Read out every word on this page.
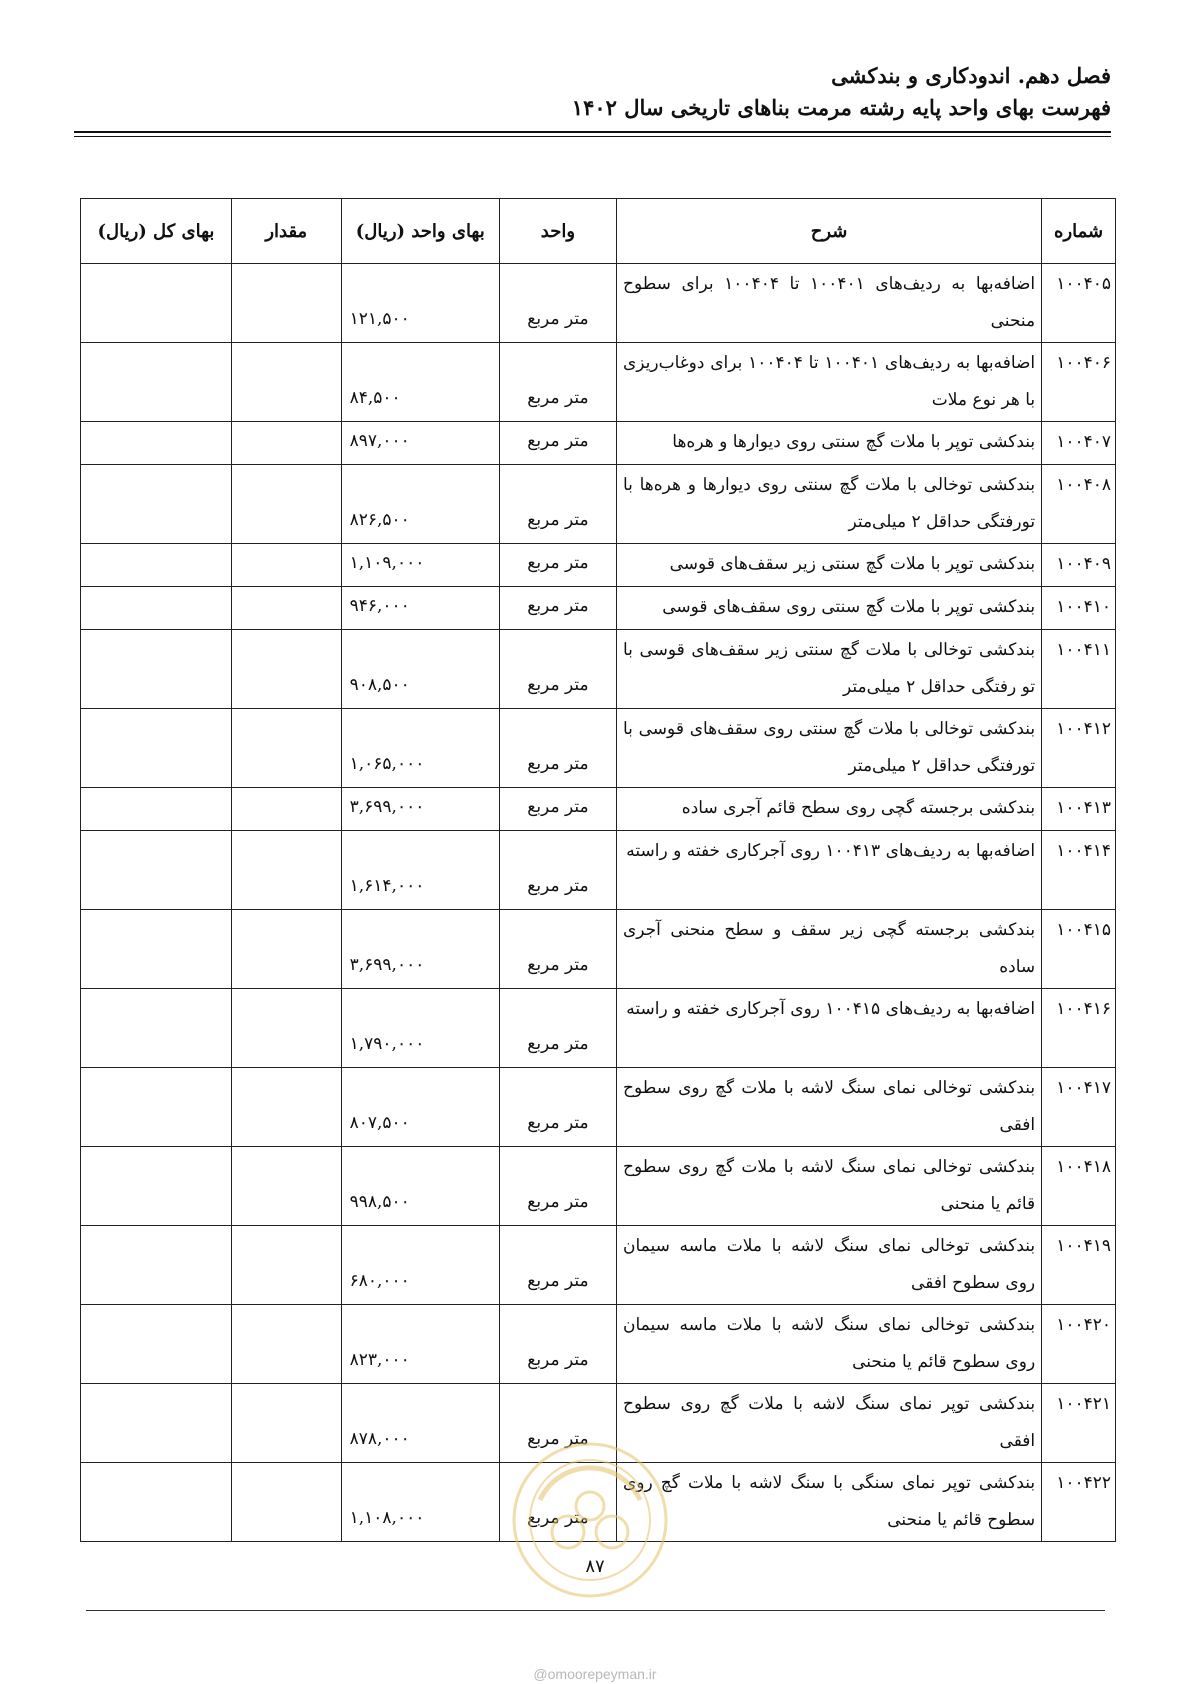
فصل دهم. اندودکاری و بندکشی
فهرست بهای واحد پایه رشته مرمت بناهای تاریخی سال ۱۴۰۲
شماره	شرح	واحد	بهای واحد (ریال)	مقدار	بهای کل (ریال)
۱۰۰۴۰۵	اضافه‌بها به ردیف‌های ۱۰۰۴۰۱ تا ۱۰۰۴۰۴ برای سطوح منحنی	متر مربع	۱۲۱,۵۰۰		
۱۰۰۴۰۶	اضافه‌بها به ردیف‌های ۱۰۰۴۰۱ تا ۱۰۰۴۰۴ برای دوغاب‌ریزی با هر نوع ملات	متر مربع	۸۴,۵۰۰		
۱۰۰۴۰۷	بندکشی توپر با ملات گچ سنتی روی دیوارها و هره‌ها	متر مربع	۸۹۷,۰۰۰		
۱۰۰۴۰۸	بندکشی توخالی با ملات گچ سنتی روی دیوارها و هره‌ها با تورفتگی حداقل ۲ میلی‌متر	متر مربع	۸۲۶,۵۰۰		
۱۰۰۴۰۹	بندکشی توپر با ملات گچ سنتی زیر سقف‌های قوسی	متر مربع	۱,۱۰۹,۰۰۰		
۱۰۰۴۱۰	بندکشی توپر با ملات گچ سنتی روی سقف‌های قوسی	متر مربع	۹۴۶,۰۰۰		
۱۰۰۴۱۱	بندکشی توخالی با ملات گچ سنتی زیر سقف‌های قوسی با تو رفتگی حداقل ۲ میلی‌متر	متر مربع	۹۰۸,۵۰۰		
۱۰۰۴۱۲	بندکشی توخالی با ملات گچ سنتی روی سقف‌های قوسی با تورفتگی حداقل ۲ میلی‌متر	متر مربع	۱,۰۶۵,۰۰۰		
۱۰۰۴۱۳	بندکشی برجسته گچی روی سطح قائم آجری ساده	متر مربع	۳,۶۹۹,۰۰۰		
۱۰۰۴۱۴	اضافه‌بها به ردیف‌های ۱۰۰۴۱۳ روی آجرکاری خفته و راسته	متر مربع	۱,۶۱۴,۰۰۰		
۱۰۰۴۱۵	بندکشی برجسته گچی زیر سقف و سطح منحنی آجری ساده	متر مربع	۳,۶۹۹,۰۰۰		
۱۰۰۴۱۶	اضافه‌بها به ردیف‌های ۱۰۰۴۱۵ روی آجرکاری خفته و راسته	متر مربع	۱,۷۹۰,۰۰۰		
۱۰۰۴۱۷	بندکشی توخالی نمای سنگ لاشه با ملات گچ روی سطوح افقی	متر مربع	۸۰۷,۵۰۰		
۱۰۰۴۱۸	بندکشی توخالی نمای سنگ لاشه با ملات گچ روی سطوح قائم یا منحنی	متر مربع	۹۹۸,۵۰۰		
۱۰۰۴۱۹	بندکشی توخالی نمای سنگ لاشه با ملات ماسه سیمان روی سطوح افقی	متر مربع	۶۸۰,۰۰۰		
۱۰۰۴۲۰	بندکشی توخالی نمای سنگ لاشه با ملات ماسه سیمان روی سطوح قائم یا منحنی	متر مربع	۸۲۳,۰۰۰		
۱۰۰۴۲۱	بندکشی توپر نمای سنگ لاشه با ملات گچ روی سطوح افقی	متر مربع	۸۷۸,۰۰۰		
۱۰۰۴۲۲	بندکشی توپر نمای سنگی با سنگ لاشه با ملات گچ روی سطوح قائم یا منحنی	متر مربع	۱,۱۰۸,۰۰۰		
۸۷
@omoorepeyman.ir
